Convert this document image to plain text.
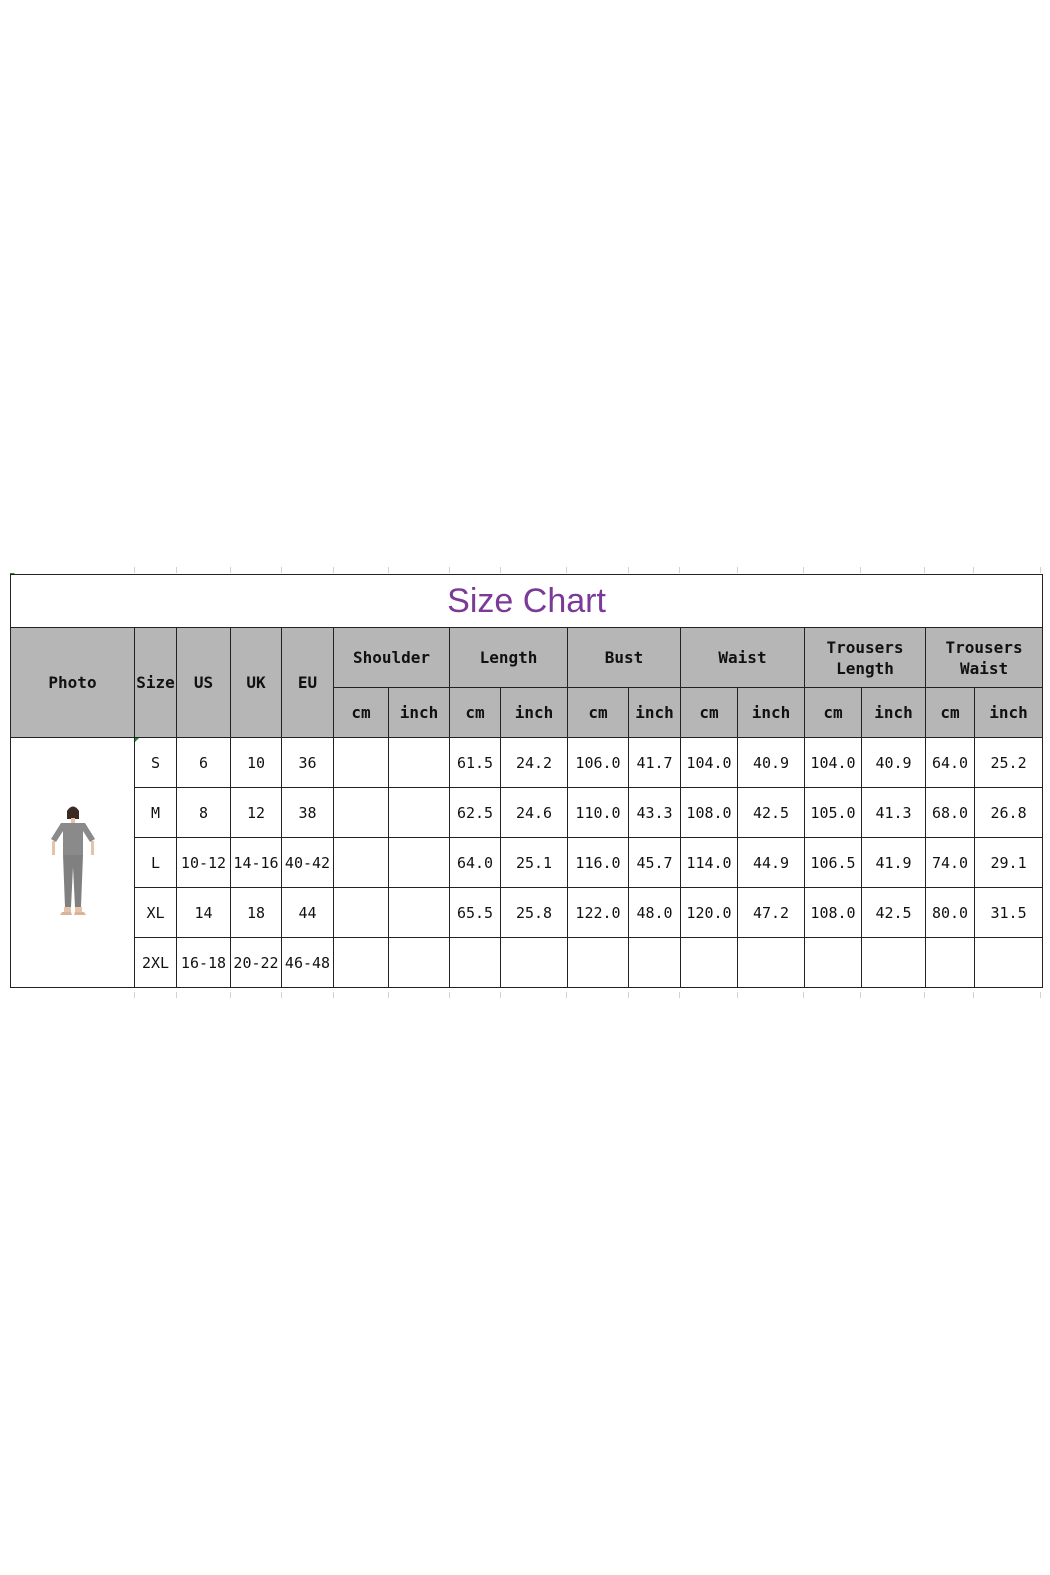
Size Chart																
Photo	Size	US	UK	EU	Shoulder		Length		Bust		Waist		Trousers Length		Trousers Waist	
					cm	inch	cm	inch	cm	inch	cm	inch	cm	inch	cm	inch

	S	6	10	36			61.5	24.2	106.0	41.7	104.0	40.9	104.0	40.9	64.0	25.2
	M	8	12	38			62.5	24.6	110.0	43.3	108.0	42.5	105.0	41.3	68.0	26.8
	L	10-12	14-16	40-42			64.0	25.1	116.0	45.7	114.0	44.9	106.5	41.9	74.0	29.1
	XL	14	18	44			65.5	25.8	122.0	48.0	120.0	47.2	108.0	42.5	80.0	31.5
	2XL	16-18	20-22	46-48												
